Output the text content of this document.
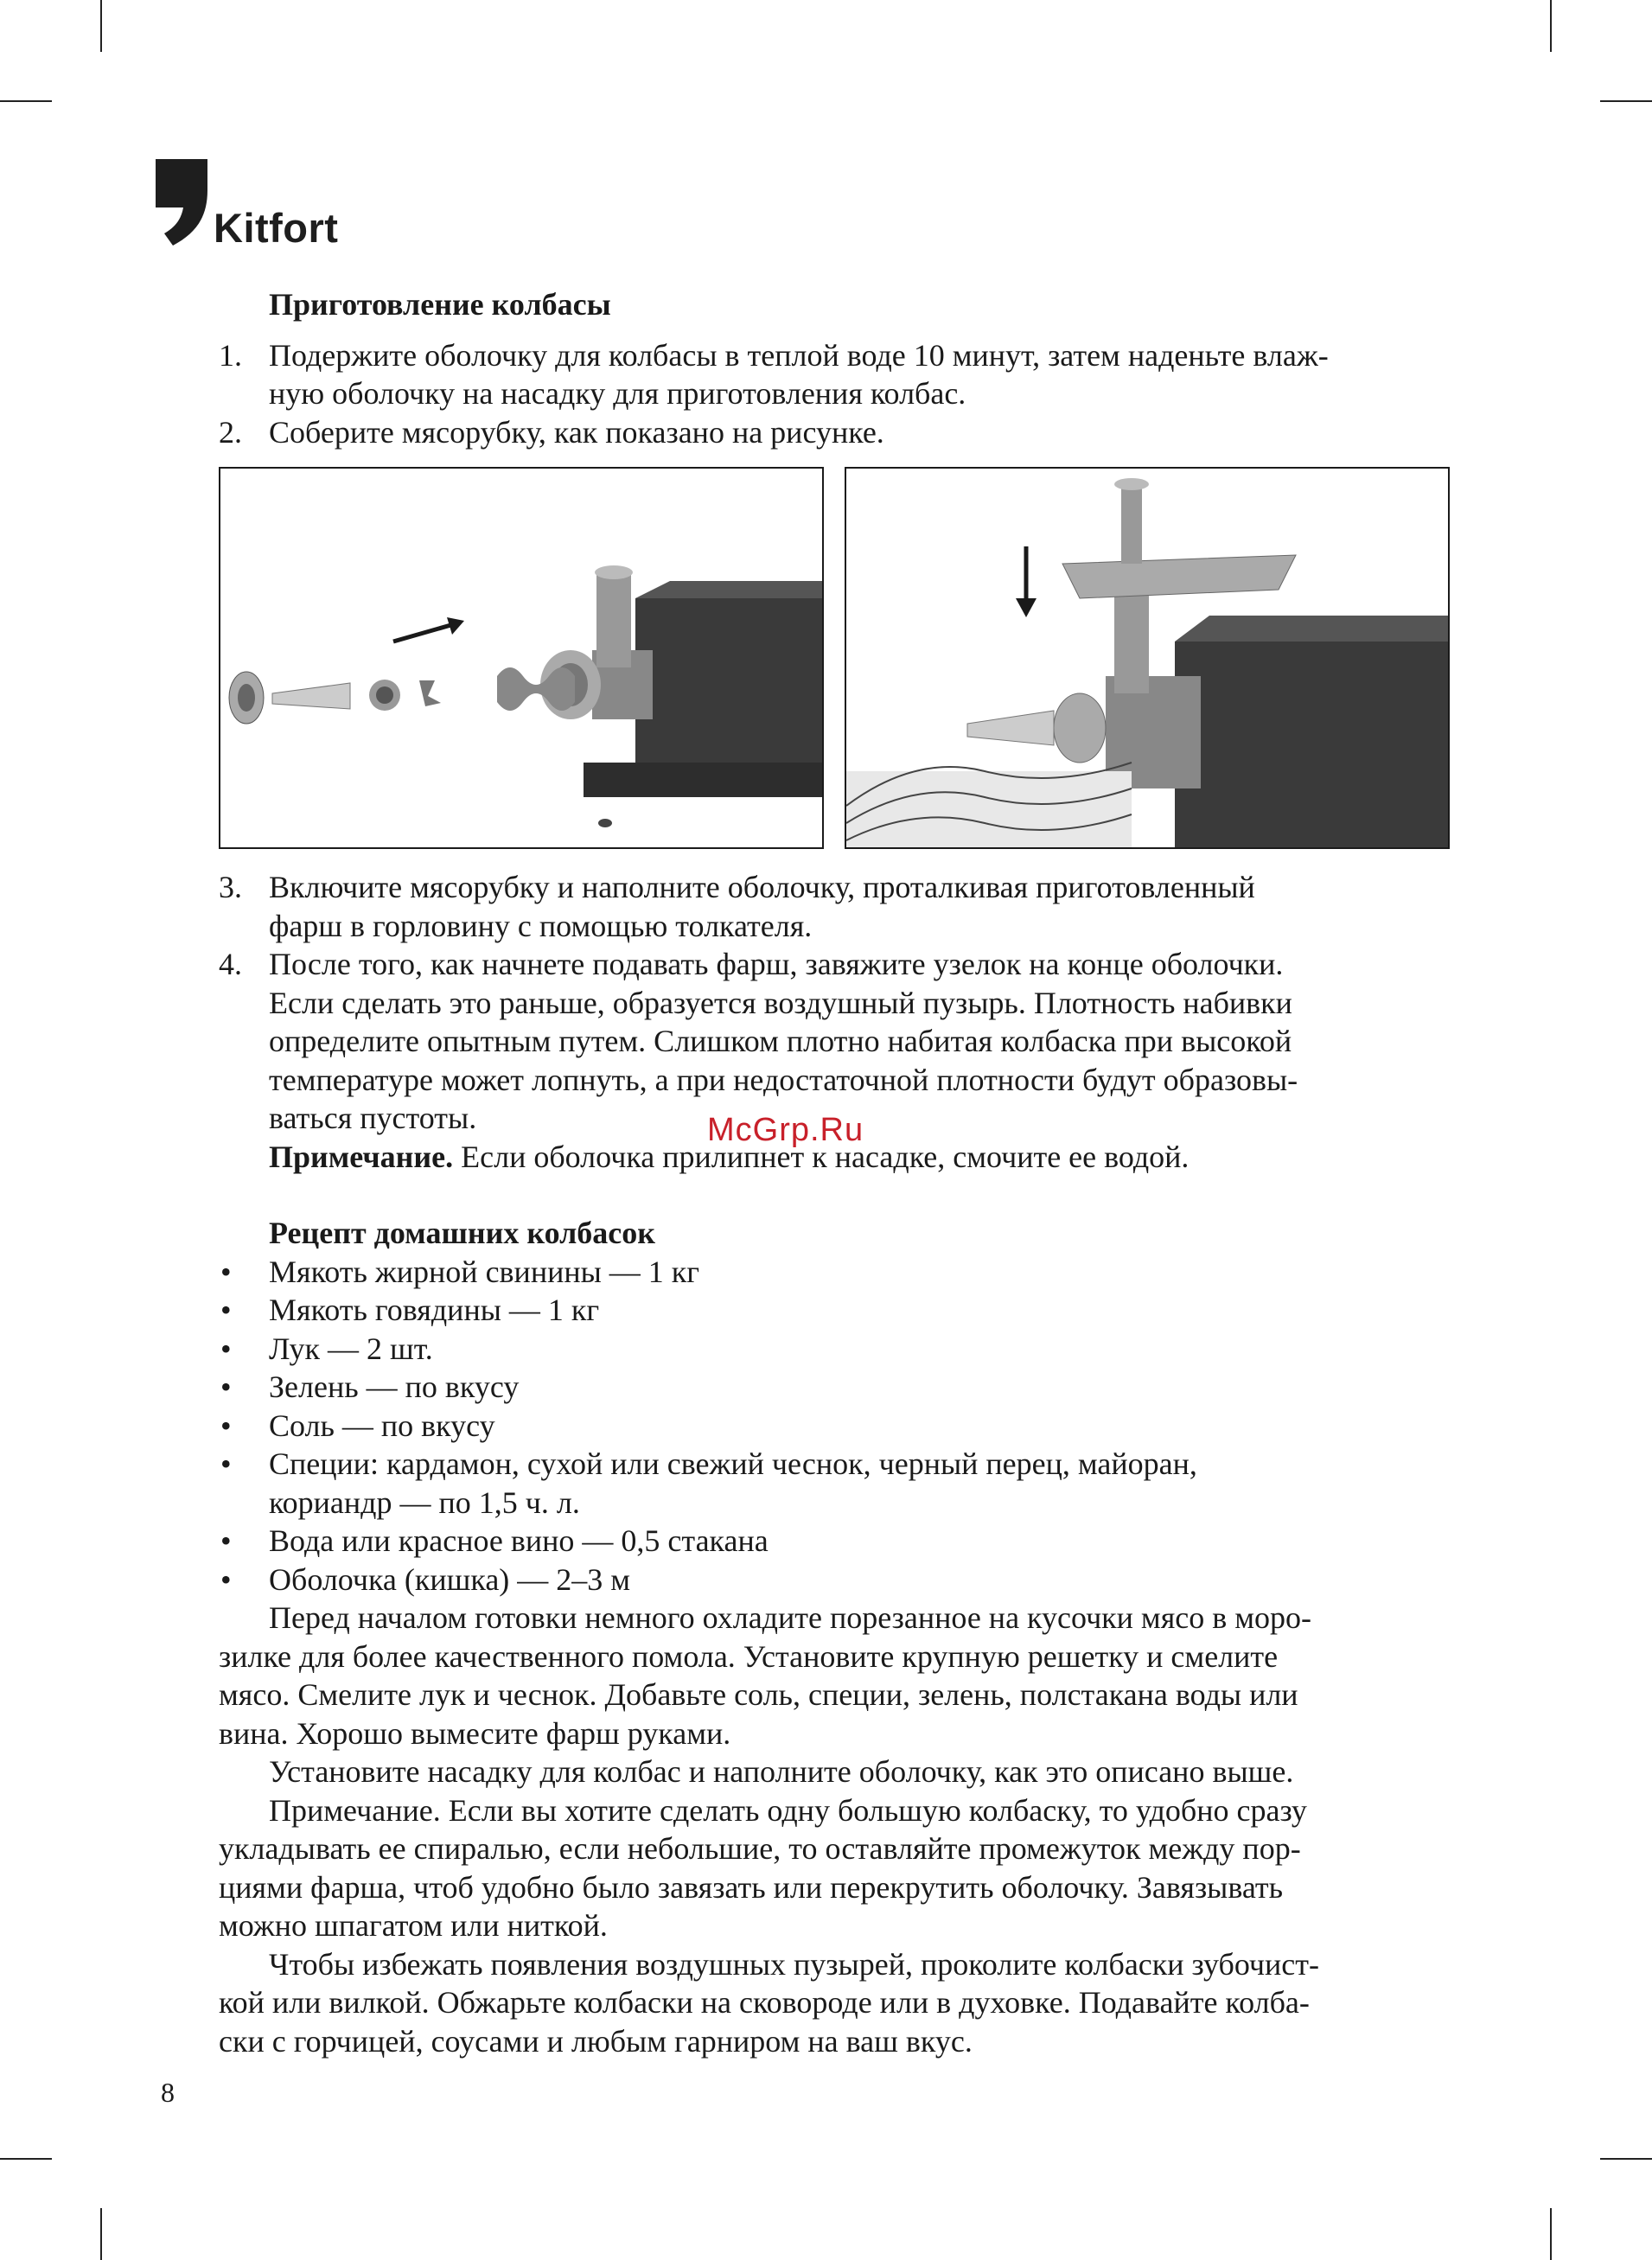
Kitfort

Приготовление колбасы

1. Подержите оболочку для колбасы в теплой воде 10 минут, затем наденьте влаж-
ную оболочку на насадку для приготовления колбас.
2. Соберите мясорубку, как показано на рисунке.
3. Включите мясорубку и наполните оболочку, проталкивая приготовленный
фарш в горловину с помощью толкателя.
4. После того, как начнете подавать фарш, завяжите узелок на конце оболочки.
Если сделать это раньше, образуется воздушный пузырь. Плотность набивки
определите опытным путем. Слишком плотно набитая колбаска при высокой
температуре может лопнуть, а при недостаточной плотности будут образовы-
ваться пустоты.
Примечание. Если оболочка прилипнет к насадке, смочите ее водой.

Рецепт домашних колбасок

• Мякоть жирной свинины — 1 кг
• Мякоть говядины — 1 кг
• Лук — 2 шт.
• Зелень — по вкусу
• Соль — по вкусу
• Специи: кардамон, сухой или свежий чеснок, черный перец, майоран,
кориандр — по 1,5 ч. л.
• Вода или красное вино — 0,5 стакана
• Оболочка (кишка) — 2–3 м
Перед началом готовки немного охладите порезанное на кусочки мясо в моро-
зилке для более качественного помола. Установите крупную решетку и смелите
мясо. Смелите лук и чеснок. Добавьте соль, специи, зелень, полстакана воды или
вина. Хорошо вымесите фарш руками.
Установите насадку для колбас и наполните оболочку, как это описано выше.
Примечание. Если вы хотите сделать одну большую колбаску, то удобно сразу
укладывать ее спиралью, если небольшие, то оставляйте промежуток между пор-
циями фарша, чтоб удобно было завязать или перекрутить оболочку. Завязывать
можно шпагатом или ниткой.
Чтобы избежать появления воздушных пузырей, проколите колбаски зубочист-
кой или вилкой. Обжарьте колбаски на сковороде или в духовке. Подавайте колба-
ски с горчицей, соусами и любым гарниром на ваш вкус.
McGrp.Ru
8
